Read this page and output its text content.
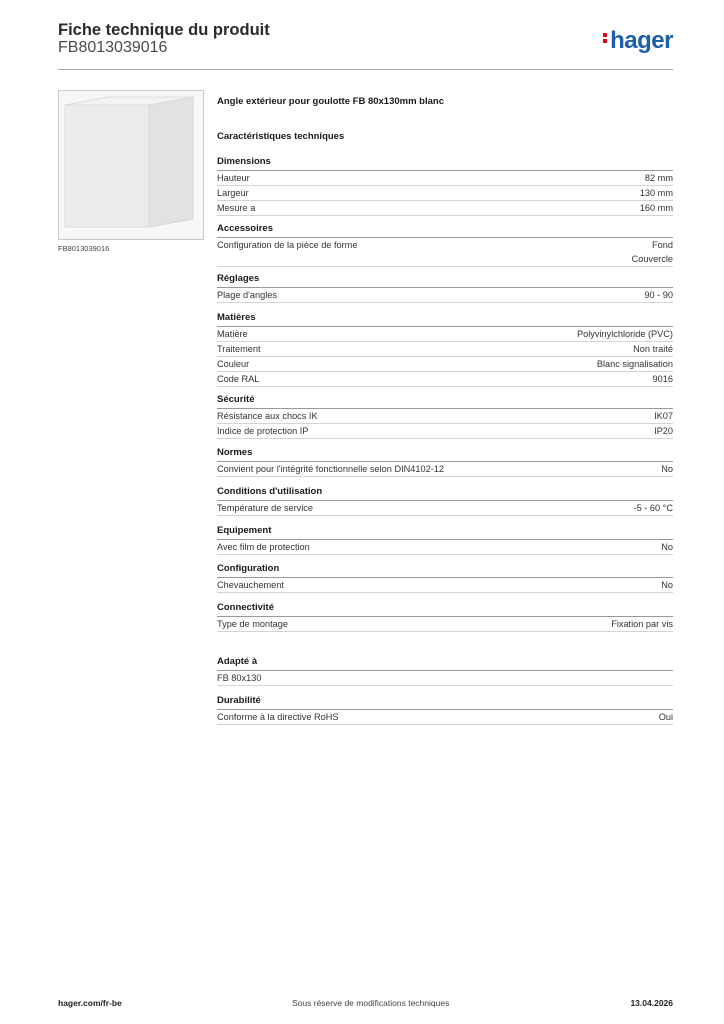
Fiche technique du produit
FB8013039016	hager
FB8013039016
Angle extérieur pour goulotte FB 80x130mm blanc
Caractéristiques techniques
Dimensions
Hauteur	82 mm
Largeur	130 mm
Mesure a	160 mm
Accessoires
Configuration de la pièce de forme	Fond
Couvercle
Réglages
Plage d'angles	90 - 90
Matières
Matière	Polyvinylchloride (PVC)
Traitement	Non traité
Couleur	Blanc signalisation
Code RAL	9016
Sécurité
Résistance aux chocs IK	IK07
Indice de protection IP	IP20
Normes
Convient pour l'intégrité fonctionnelle selon DIN4102-12	No
Conditions d'utilisation
Température de service	-5 - 60 °C
Equipement
Avec film de protection	No
Configuration
Chevauchement	No
Connectivité
Type de montage	Fixation par vis
Adapté à
FB 80x130
Durabilité
Conforme à la directive RoHS	Oui
hager.com/fr-be	Sous réserve de modifications techniques	13.04.2026
